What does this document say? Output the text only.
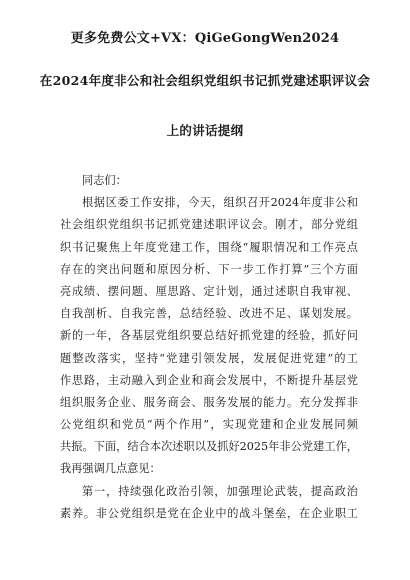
更多免费公文+VX：QiGeGongWen2024
在2024年度非公和社会组织党组织书记抓党建述职评议会
上的讲话提纲
同志们：
根据区委工作安排，今天，组织召开2024年度非公和
社会组织党组织书记抓党建述职评议会。刚才，部分党组
织书记聚焦上年度党建工作，围绕“履职情况和工作亮点
存在的突出问题和原因分析、下一步工作打算”三个方面
亮成绩、摆问题、厘思路、定计划，通过述职自我审视、
自我剖析、自我完善，总结经验、改进不足、谋划发展。
新的一年，各基层党组织要总结好抓党建的经验，抓好问
题整改落实，坚持“党建引领发展，发展促进党建”的工
作思路，主动融入到企业和商会发展中，不断提升基层党
组织服务企业、服务商会、服务发展的能力。充分发挥非
公党组织和党员“两个作用”，实现党建和企业发展同频
共振。下面，结合本次述职以及抓好2025年非公党建工作，
我再强调几点意见：
第一，持续强化政治引领，加强理论武装，提高政治
素养。非公党组织是党在企业中的战斗堡垒，在企业职工
